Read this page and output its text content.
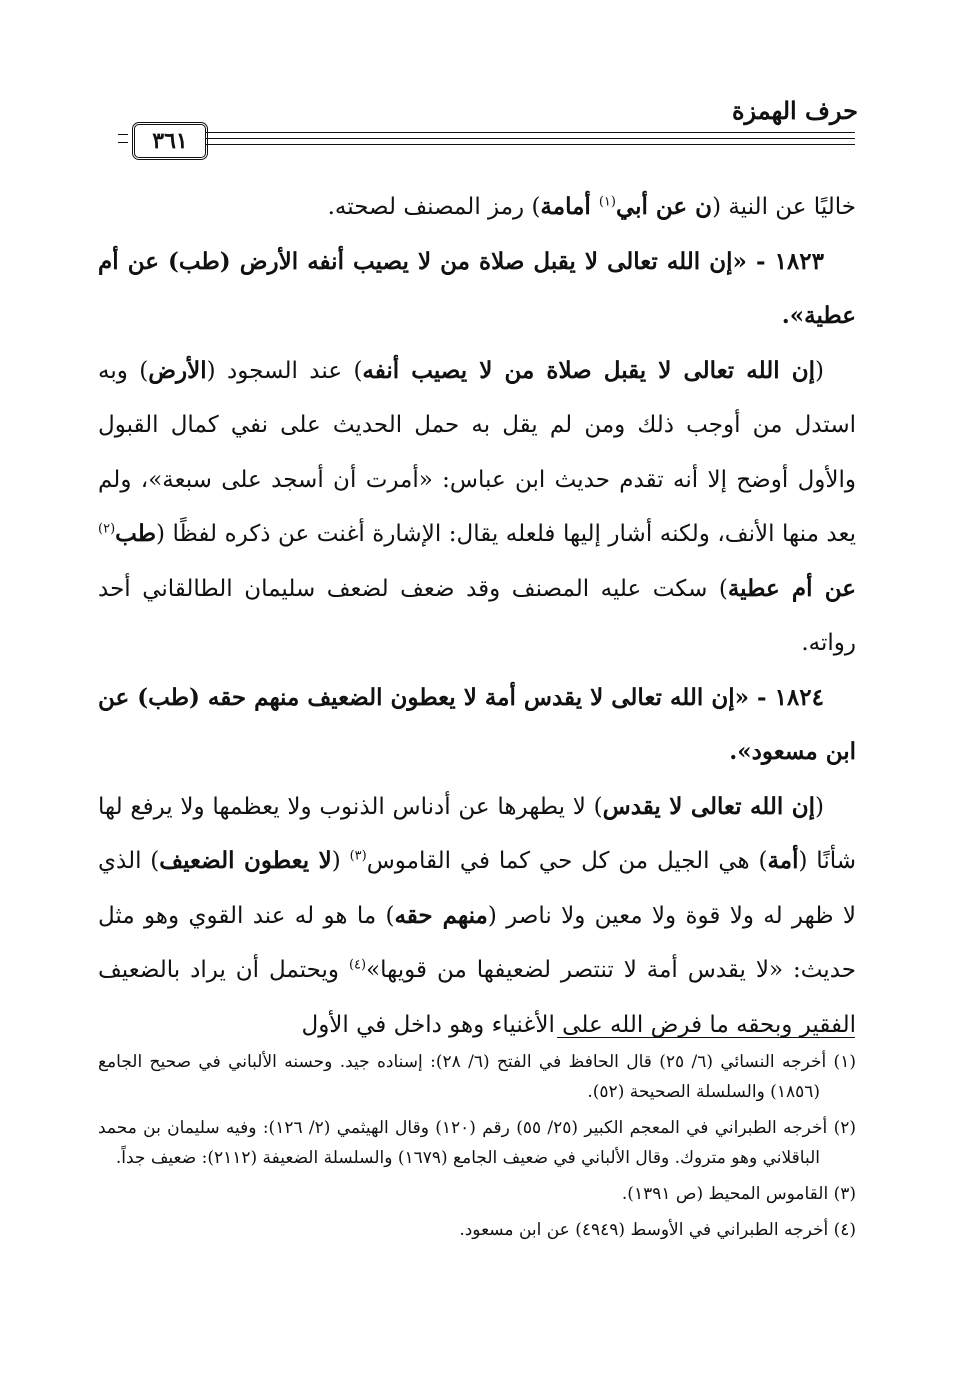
حرف الهمزة
٣٦١

خاليًا عن النية (ن عن أبي$^{(١)}$ أمامة) رمز المصنف لصحته.

١٨٢٣ - «إن الله تعالى لا يقبل صلاة من لا يصيب أنفه الأرض (طب) عن أم عطية».

(إن الله تعالى لا يقبل صلاة من لا يصيب أنفه) عند السجود (الأرض) وبه استدل من أوجب ذلك ومن لم يقل به حمل الحديث على نفي كمال القبول والأول أوضح إلا أنه تقدم حديث ابن عباس: «أمرت أن أسجد على سبعة»، ولم يعد منها الأنف، ولكنه أشار إليها فلعله يقال: الإشارة أغنت عن ذكره لفظًا (طب$^{(٢)}$ عن أم عطية) سكت عليه المصنف وقد ضعف لضعف سليمان الطالقاني أحد رواته.

١٨٢٤ - «إن الله تعالى لا يقدس أمة لا يعطون الضعيف منهم حقه (طب) عن ابن مسعود».

(إن الله تعالى لا يقدس) لا يطهرها عن أدناس الذنوب ولا يعظمها ولا يرفع لها شأنًا (أمة) هي الجيل من كل حي كما في القاموس$^{(٣)}$ (لا يعطون الضعيف) الذي لا ظهر له ولا قوة ولا معين ولا ناصر (منهم حقه) ما هو له عند القوي وهو مثل حديث: «لا يقدس أمة لا تنتصر لضعيفها من قويها»$^{(٤)}$ ويحتمل أن يراد بالضعيف الفقير وبحقه ما فرض الله على الأغنياء وهو داخل في الأول

(١) أخرجه النسائي (٦/ ٢٥) قال الحافظ في الفتح (٦/ ٢٨): إسناده جيد. وحسنه الألباني في صحيح الجامع (١٨٥٦) والسلسلة الصحيحة (٥٢).

(٢) أخرجه الطبراني في المعجم الكبير (٢٥/ ٥٥) رقم (١٢٠) وقال الهيثمي (٢/ ١٢٦): وفيه سليمان بن محمد الباقلاني وهو متروك. وقال الألباني في ضعيف الجامع (١٦٧٩) والسلسلة الضعيفة (٢١١٢): ضعيف جداً.

(٣) القاموس المحيط (ص ١٣٩١).

(٤) أخرجه الطبراني في الأوسط (٤٩٤٩) عن ابن مسعود.
